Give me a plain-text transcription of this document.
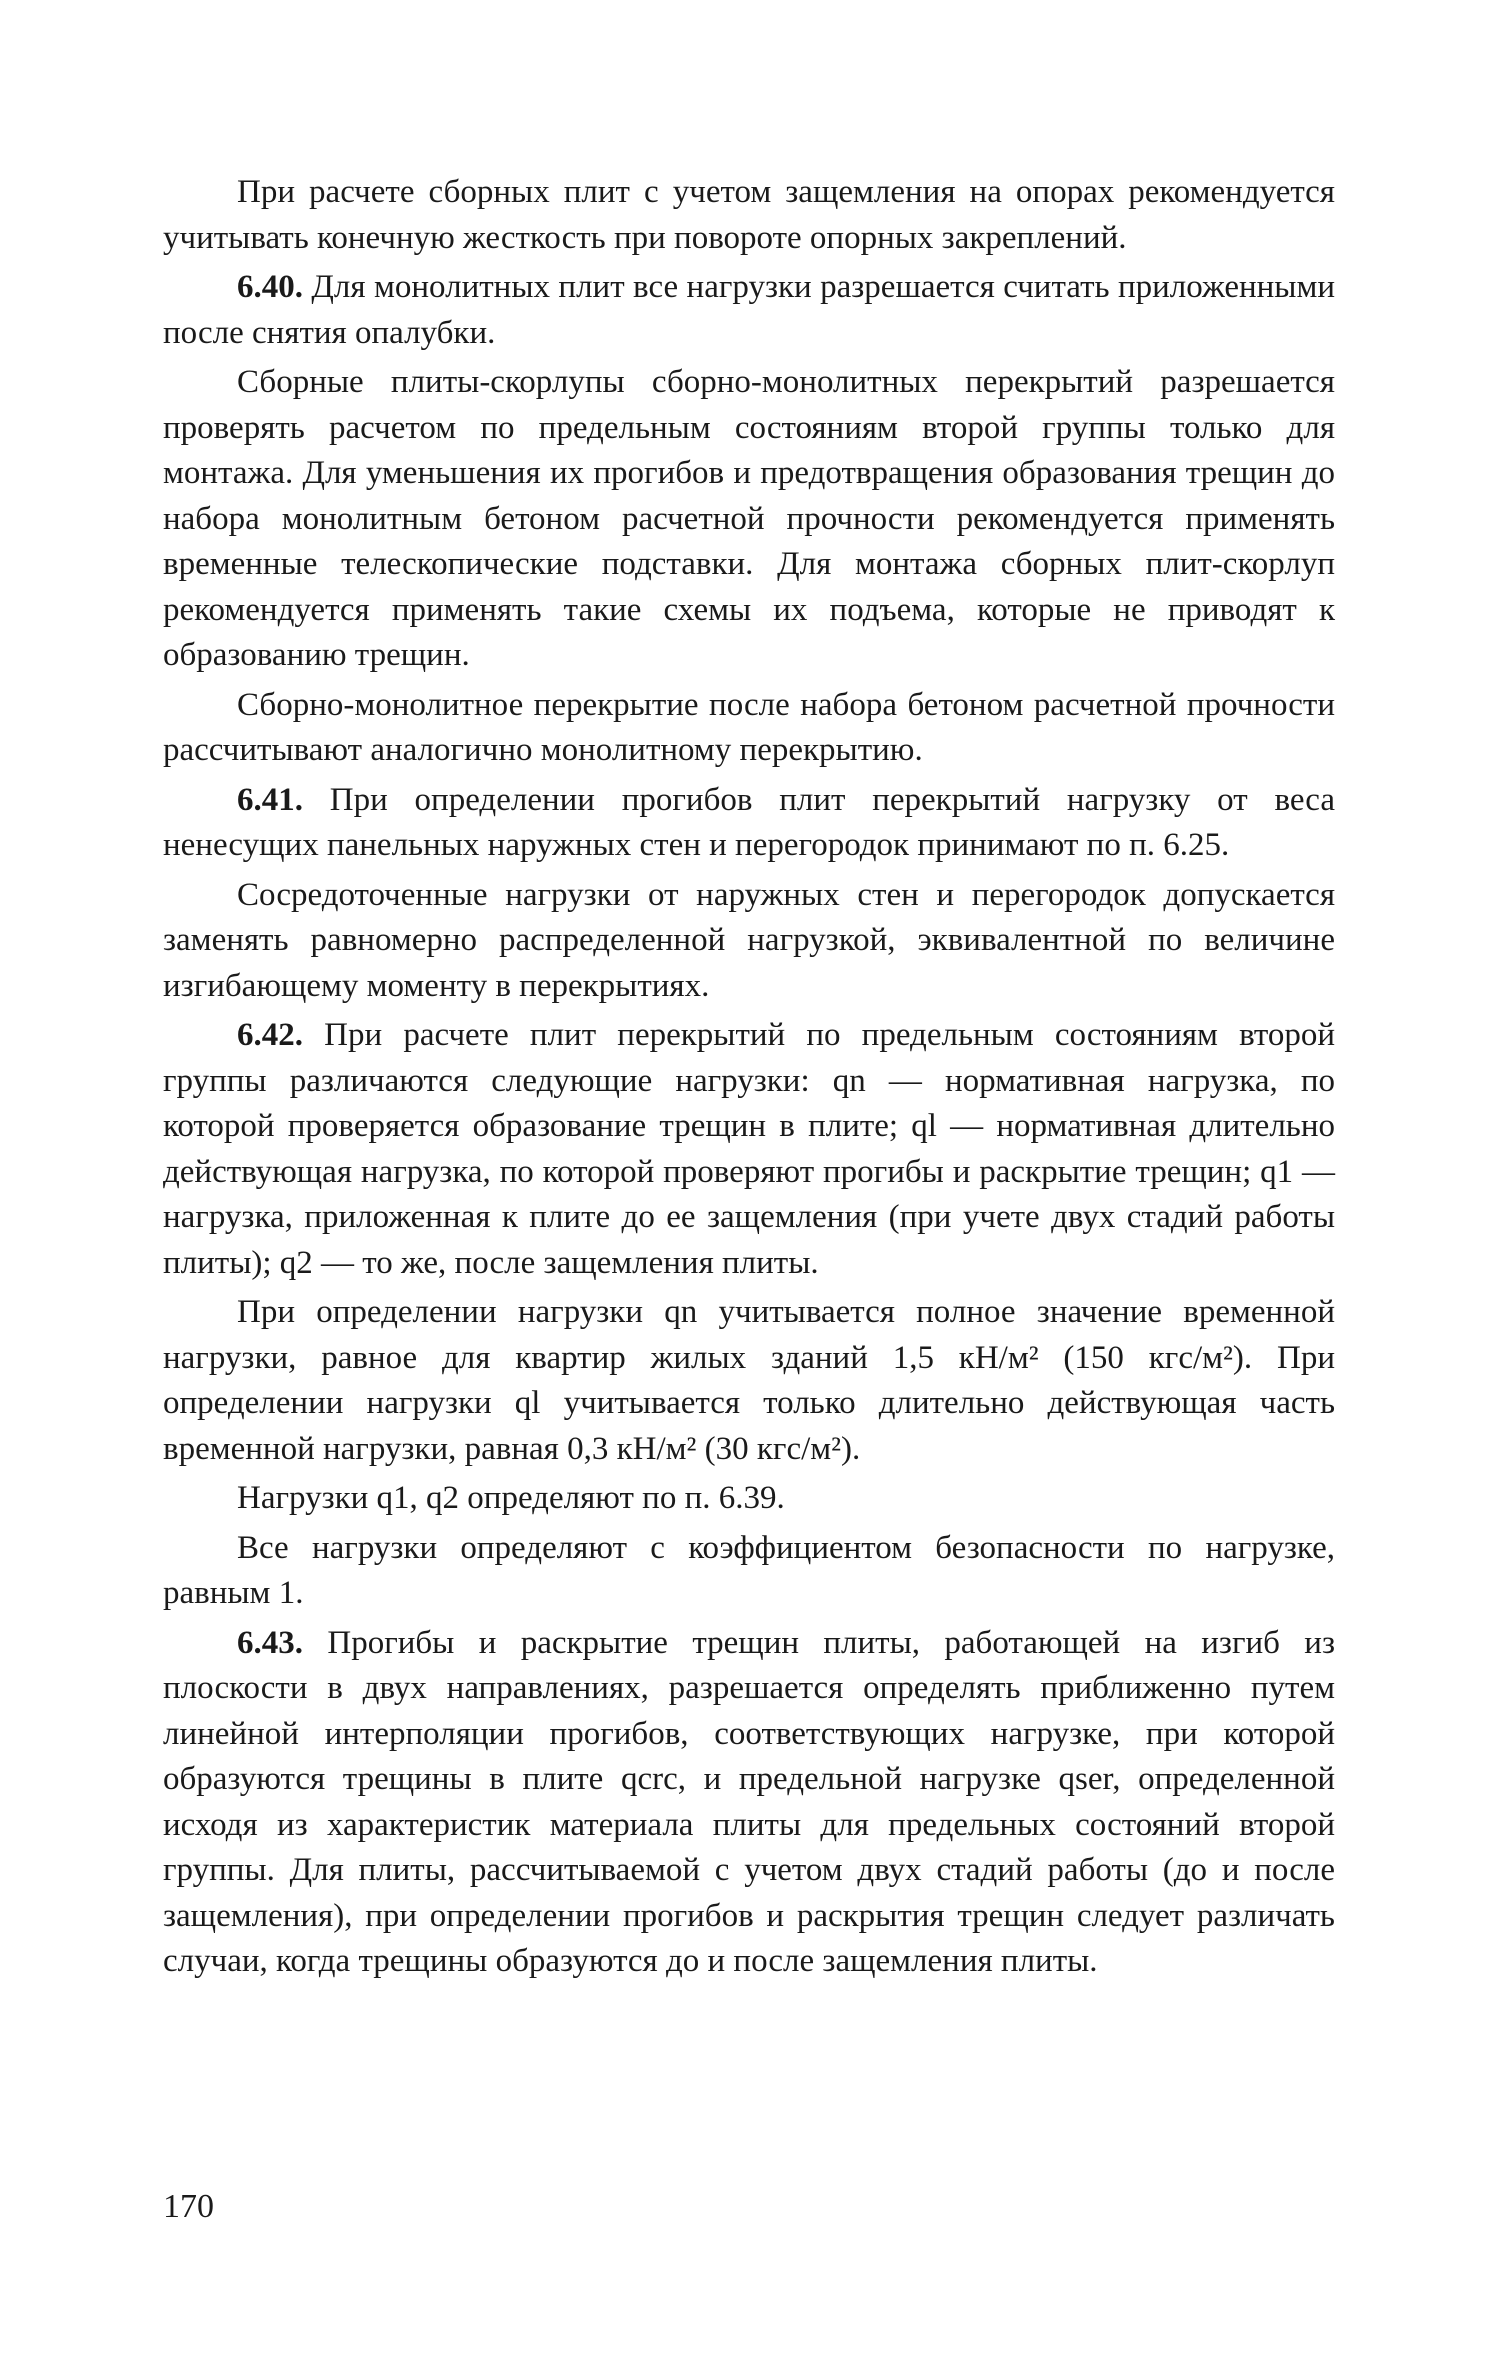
При расчете сборных плит с учетом защемления на опорах рекомендуется учитывать конечную жесткость при повороте опорных закреплений.

6.40. Для монолитных плит все нагрузки разрешается считать приложенными после снятия опалубки.

Сборные плиты-скорлупы сборно-монолитных перекрытий разрешается проверять расчетом по предельным состояниям второй группы только для монтажа. Для уменьшения их прогибов и предотвращения образования трещин до набора монолитным бетоном расчетной прочности рекомендуется применять временные телескопические подставки. Для монтажа сборных плит-скорлуп рекомендуется применять такие схемы их подъема, которые не приводят к образованию трещин.

Сборно-монолитное перекрытие после набора бетоном расчетной прочности рассчитывают аналогично монолитному перекрытию.

6.41. При определении прогибов плит перекрытий нагрузку от веса ненесущих панельных наружных стен и перегородок принимают по п. 6.25.

Сосредоточенные нагрузки от наружных стен и перегородок допускается заменять равномерно распределенной нагрузкой, эквивалентной по величине изгибающему моменту в перекрытиях.

6.42. При расчете плит перекрытий по предельным состояниям второй группы различаются следующие нагрузки: qn — нормативная нагрузка, по которой проверяется образование трещин в плите; ql — нормативная длительно действующая нагрузка, по которой проверяют прогибы и раскрытие трещин; q1 — нагрузка, приложенная к плите до ее защемления (при учете двух стадий работы плиты); q2 — то же, после защемления плиты.

При определении нагрузки qn учитывается полное значение временной нагрузки, равное для квартир жилых зданий 1,5 кН/м² (150 кгс/м²). При определении нагрузки ql учитывается только длительно действующая часть временной нагрузки, равная 0,3 кН/м² (30 кгс/м²).

Нагрузки q1, q2 определяют по п. 6.39.

Все нагрузки определяют с коэффициентом безопасности по нагрузке, равным 1.

6.43. Прогибы и раскрытие трещин плиты, работающей на изгиб из плоскости в двух направлениях, разрешается определять приближенно путем линейной интерполяции прогибов, соответствующих нагрузке, при которой образуются трещины в плите qcrc, и предельной нагрузке qser, определенной исходя из характеристик материала плиты для предельных состояний второй группы. Для плиты, рассчитываемой с учетом двух стадий работы (до и после защемления), при определении прогибов и раскрытия трещин следует различать случаи, когда трещины образуются до и после защемления плиты.

170
